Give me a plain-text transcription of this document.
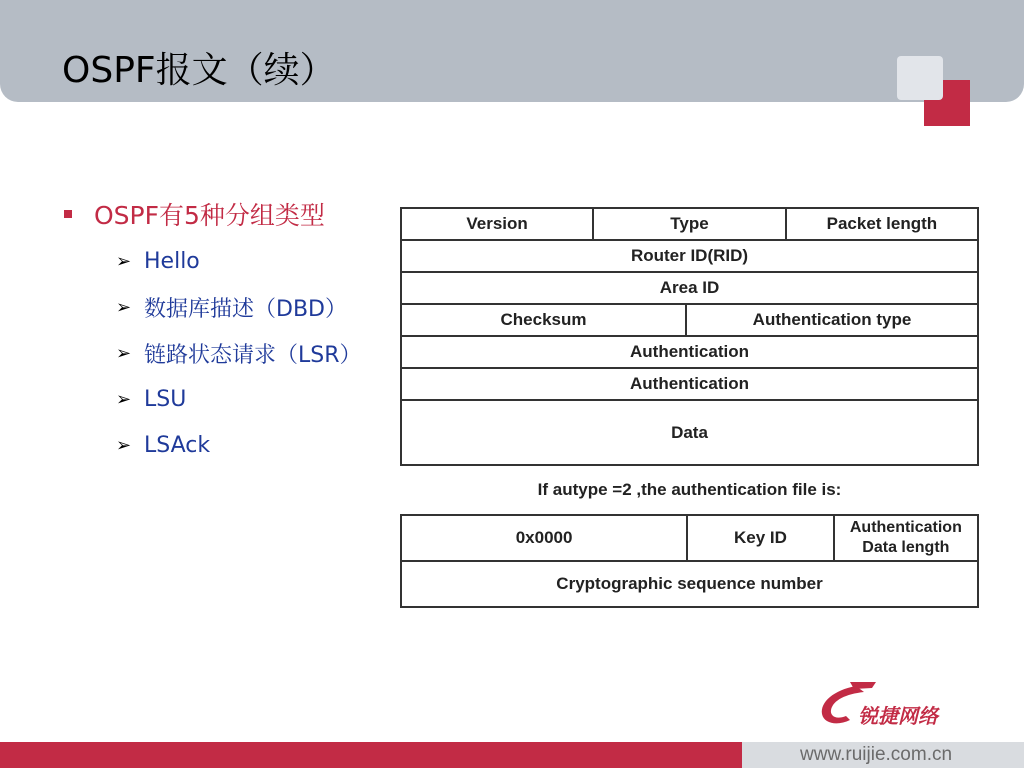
OSPF报文（续）
OSPF有5种分组类型
➢ Hello
➢ 数据库描述（DBD）
➢ 链路状态请求（LSR）
➢ LSU
➢ LSAck
Version	Type		Packet length
Router ID(RID)			
Area ID			
Checksum		Authentication type	
Authentication			
Authentication			
Data			
If autype =2 ,the authentication file is:
0x0000	Key ID	Authentication Data length
Cryptographic sequence number
锐捷网络
www.ruijie.com.cn
